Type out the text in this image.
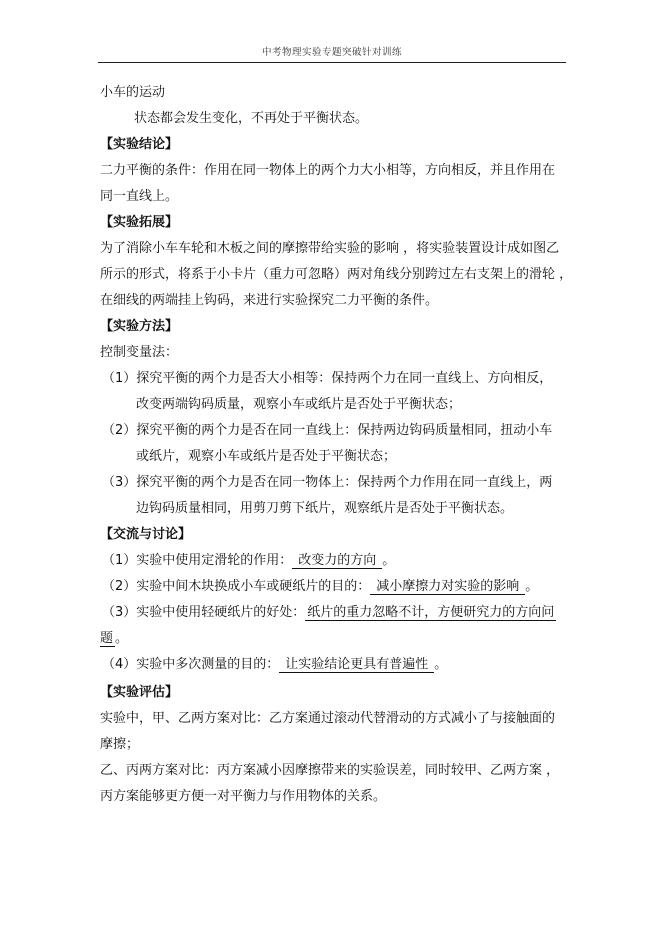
中考物理实验专题突破针对训练
小车的运动
状态都会发生变化，不再处于平衡状态。
【实验结论】
二力平衡的条件：作用在同一物体上的两个力大小相等，方向相反，并且作用在
同一直线上。
【实验拓展】
为了消除小车车轮和木板之间的摩擦带给实验的影响 ，将实验装置设计成如图乙
所示的形式，将系于小卡片（重力可忽略）两对角线分别跨过左右支架上的滑轮 ，
在细线的两端挂上钩码，来进行实验探究二力平衡的条件。
【实验方法】
控制变量法：
（1）探究平衡的两个力是否大小相等：保持两个力在同一直线上、方向相反，
改变两端钩码质量，观察小车或纸片是否处于平衡状态；
（2）探究平衡的两个力是否在同一直线上：保持两边钩码质量相同，扭动小车
或纸片，观察小车或纸片是否处于平衡状态；
（3）探究平衡的两个力是否在同一物体上：保持两个力作用在同一直线上，两
边钩码质量相同，用剪刀剪下纸片，观察纸片是否处于平衡状态。
【交流与讨论】
（1）实验中使用定滑轮的作用： 改变力的方向 。
（2）实验中间木块换成小车或硬纸片的目的： 减小摩擦力对实验的影响 。
（3）实验中使用轻硬纸片的好处： 纸片的重力忽略不计，方便研究力的方向问
题 。
（4）实验中多次测量的目的： 让实验结论更具有普遍性 。
【实验评估】
实验中，甲、乙两方案对比：乙方案通过滚动代替滑动的方式减小了与接触面的
摩擦；
乙、丙两方案对比：丙方案减小因摩擦带来的实验误差，同时较甲、乙两方案 ，
丙方案能够更方便一对平衡力与作用物体的关系。
